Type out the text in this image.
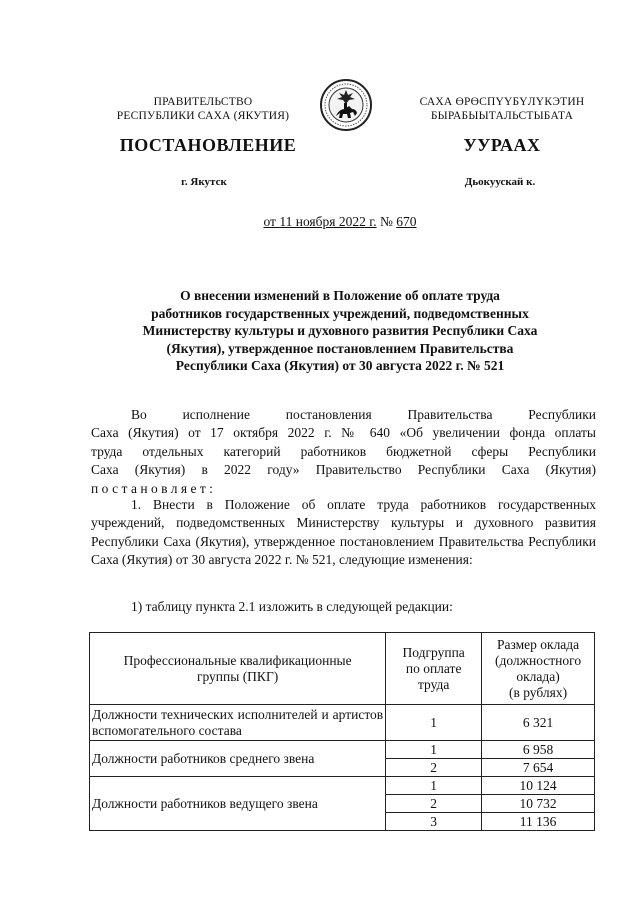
ПРАВИТЕЛЬСТВО
РЕСПУБЛИКИ САХА (ЯКУТИЯ)
САХА ӨРӨСПҮҮБҮЛҮКЭТИН
БЫРАБЫЫТАЛЬСТЫБАТА
ПОСТАНОВЛЕНИЕ	УУРААХ
г. Якутск	Дьокуускай к.
от 11 ноября 2022 г. № 670
О внесении изменений в Положение об оплате труда
работников государственных учреждений, подведомственных
Министерству культуры и духовного развития Республики Саха
(Якутия), утвержденное постановлением Правительства
Республики Саха (Якутия) от 30 августа 2022 г. № 521
Во исполнение постановления Правительства Республики
Саха (Якутия) от 17 октября 2022 г. № 640 «Об увеличении фонда оплаты
труда отдельных категорий работников бюджетной сферы Республики
Саха (Якутия) в 2022 году» Правительство Республики Саха (Якутия)
постановляет:
1. Внести в Положение об оплате труда работников государственных учреждений, подведомственных Министерству культуры и духовного развития Республики Саха (Якутия), утвержденное постановлением Правительства Республики Саха (Якутия) от 30 августа 2022 г. № 521, следующие изменения:
1) таблицу пункта 2.1 изложить в следующей редакции:
Профессиональные квалификационные группы (ПКГ)	Подгруппа по оплате труда	Размер оклада
(должностного
оклада)
(в рублях)

Должности технических исполнителей и артистов вспомогательного состава	1	6 321
Должности работников среднего звена	1	6 958
	2	7 654
Должности работников ведущего звена	1	10 124
	2	10 732
	3	11 136
